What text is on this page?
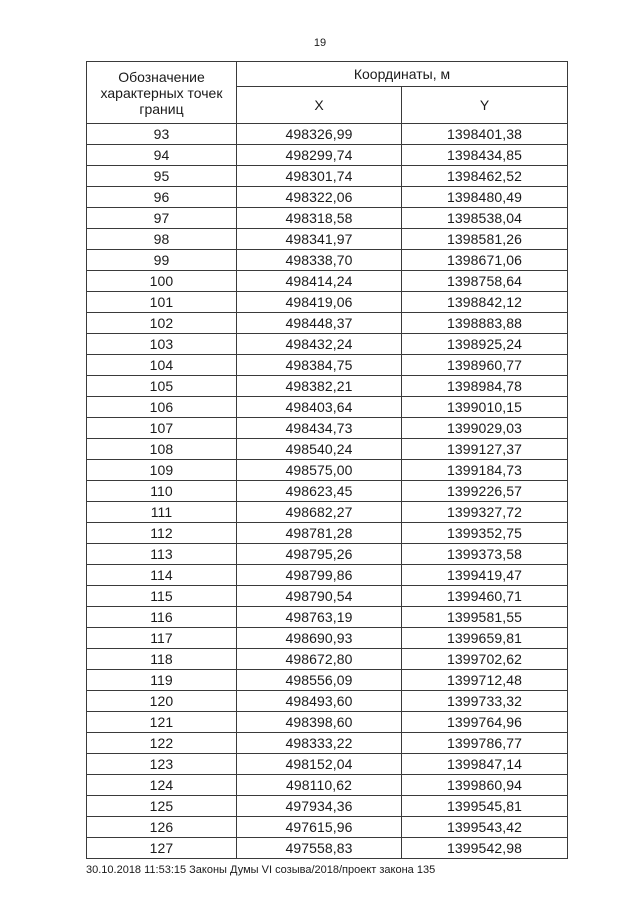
19
Обозначение характерных точек границ	Координаты, м	
	X	Y
93	498326,99	1398401,38
94	498299,74	1398434,85
95	498301,74	1398462,52
96	498322,06	1398480,49
97	498318,58	1398538,04
98	498341,97	1398581,26
99	498338,70	1398671,06
100	498414,24	1398758,64
101	498419,06	1398842,12
102	498448,37	1398883,88
103	498432,24	1398925,24
104	498384,75	1398960,77
105	498382,21	1398984,78
106	498403,64	1399010,15
107	498434,73	1399029,03
108	498540,24	1399127,37
109	498575,00	1399184,73
110	498623,45	1399226,57
111	498682,27	1399327,72
112	498781,28	1399352,75
113	498795,26	1399373,58
114	498799,86	1399419,47
115	498790,54	1399460,71
116	498763,19	1399581,55
117	498690,93	1399659,81
118	498672,80	1399702,62
119	498556,09	1399712,48
120	498493,60	1399733,32
121	498398,60	1399764,96
122	498333,22	1399786,77
123	498152,04	1399847,14
124	498110,62	1399860,94
125	497934,36	1399545,81
126	497615,96	1399543,42
127	497558,83	1399542,98
30.10.2018 11:53:15 Законы Думы VI созыва/2018/проект закона 135
